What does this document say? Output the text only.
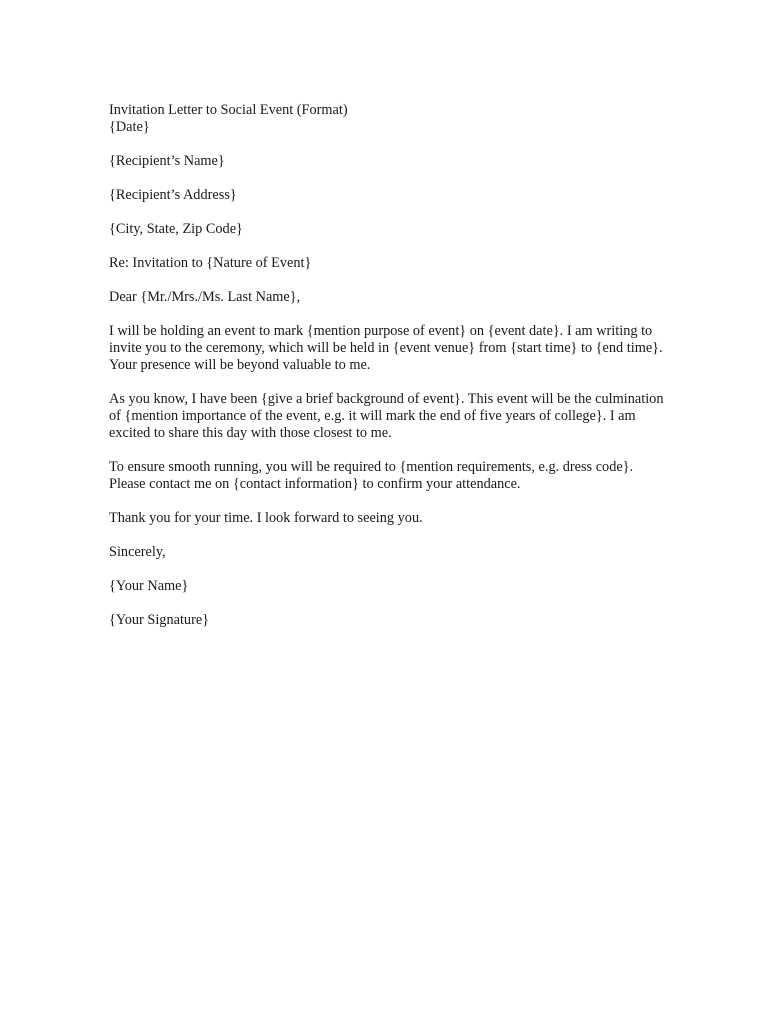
Invitation Letter to Social Event (Format)

{Date}

{Recipient’s Name}

{Recipient’s Address}

{City, State, Zip Code}

Re: Invitation to {Nature of Event}

Dear {Mr./Mrs./Ms. Last Name},

I will be holding an event to mark {mention purpose of event} on {event date}. I am writing to

invite you to the ceremony, which will be held in {event venue} from {start time} to {end time}.

Your presence will be beyond valuable to me.

As you know, I have been {give a brief background of event}. This event will be the culmination

of {mention importance of the event, e.g. it will mark the end of five years of college}. I am

excited to share this day with those closest to me.

To ensure smooth running, you will be required to {mention requirements, e.g. dress code}.

Please contact me on {contact information} to confirm your attendance.

Thank you for your time. I look forward to seeing you.

Sincerely,

{Your Name}

{Your Signature}
